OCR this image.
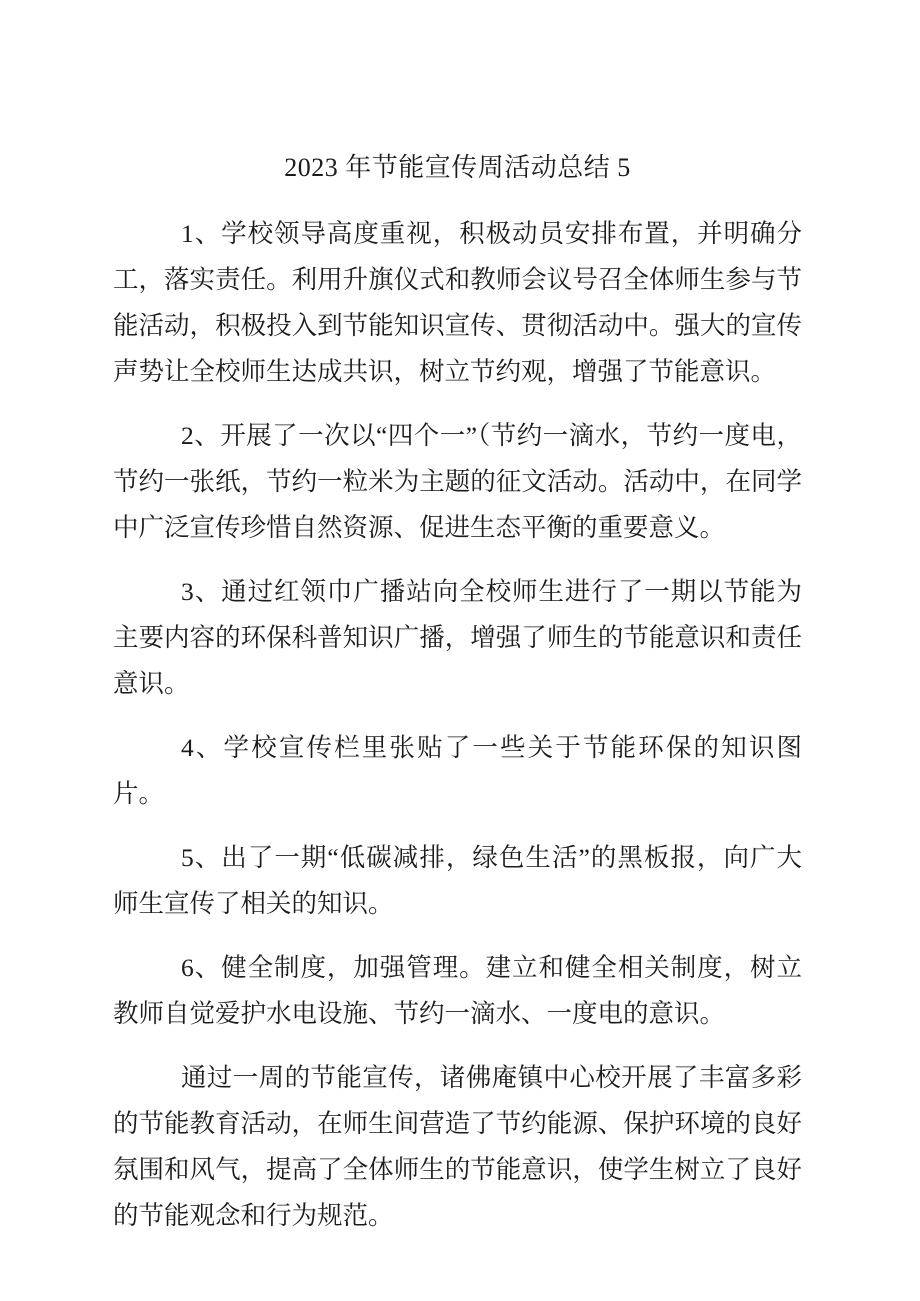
2023 年节能宣传周活动总结 5

1、学校领导高度重视，积极动员安排布置，并明确分工，落实责任。利用升旗仪式和教师会议号召全体师生参与节能活动，积极投入到节能知识宣传、贯彻活动中。强大的宣传声势让全校师生达成共识，树立节约观，增强了节能意识。

2、开展了一次以“四个一”（节约一滴水，节约一度电，节约一张纸，节约一粒米为主题的征文活动。活动中，在同学中广泛宣传珍惜自然资源、促进生态平衡的重要意义。

3、通过红领巾广播站向全校师生进行了一期以节能为主要内容的环保科普知识广播，增强了师生的节能意识和责任意识。

4、学校宣传栏里张贴了一些关于节能环保的知识图片。

5、出了一期“低碳减排，绿色生活”的黑板报，向广大师生宣传了相关的知识。

6、健全制度，加强管理。建立和健全相关制度，树立教师自觉爱护水电设施、节约一滴水、一度电的意识。

通过一周的节能宣传，诸佛庵镇中心校开展了丰富多彩的节能教育活动，在师生间营造了节约能源、保护环境的良好氛围和风气，提高了全体师生的节能意识，使学生树立了良好的节能观念和行为规范。
